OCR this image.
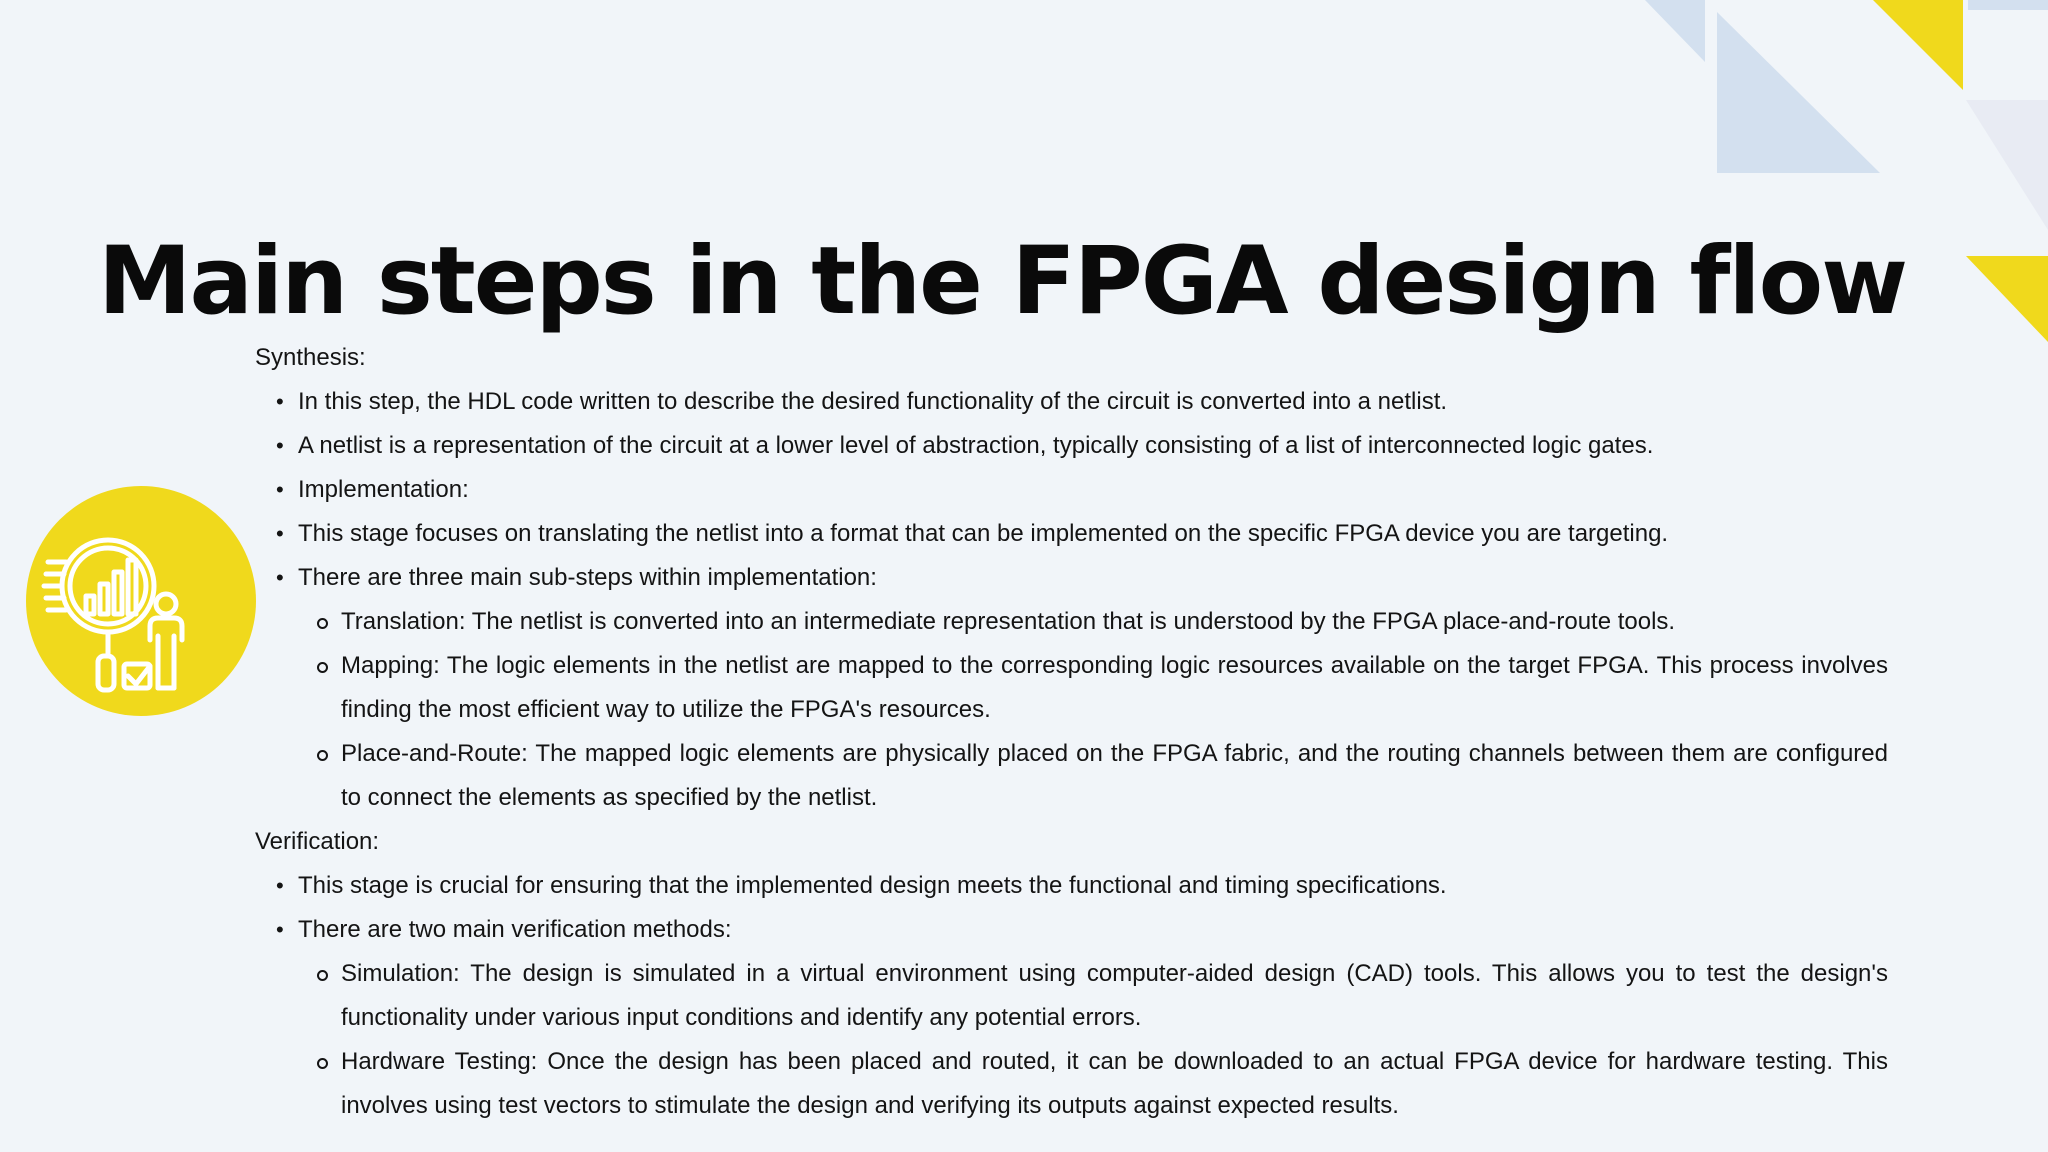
Main steps in the FPGA design flow

Synthesis:

• In this step, the HDL code written to describe the desired functionality of the circuit is converted into a netlist.
• A netlist is a representation of the circuit at a lower level of abstraction, typically consisting of a list of interconnected logic gates.
• Implementation:
• This stage focuses on translating the netlist into a format that can be implemented on the specific FPGA device you are targeting.
• There are three main sub-steps within implementation:
Translation: The netlist is converted into an intermediate representation that is understood by the FPGA place-and-route tools.
Mapping: The logic elements in the netlist are mapped to the corresponding logic resources available on the target FPGA. This process involves finding the most efficient way to utilize the FPGA's resources.
Place-and-Route: The mapped logic elements are physically placed on the FPGA fabric, and the routing channels between them are configured to connect the elements as specified by the netlist.

Verification:

• This stage is crucial for ensuring that the implemented design meets the functional and timing specifications.
• There are two main verification methods:
Simulation: The design is simulated in a virtual environment using computer-aided design (CAD) tools. This allows you to test the design's functionality under various input conditions and identify any potential errors.
Hardware Testing: Once the design has been placed and routed, it can be downloaded to an actual FPGA device for hardware testing. This involves using test vectors to stimulate the design and verifying its outputs against expected results.
